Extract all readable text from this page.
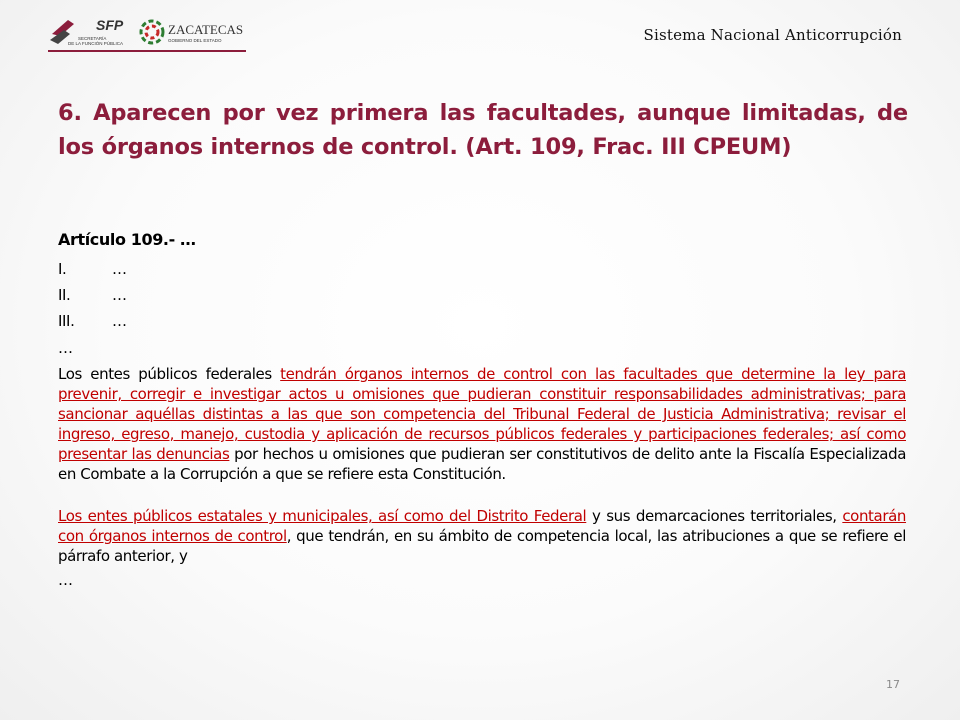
SFP
SECRETARÍA
DE LA FUNCIÓN PÚBLICA
ZACATECAS
GOBIERNO DEL ESTADO	Sistema Nacional Anticorrupción
6. Aparecen por vez primera las facultades, aunque limitadas, de los órganos internos de control. (Art. 109, Frac. III CPEUM)
Artículo 109.- …
I.	…
II.	…
III.	…
…

Los entes públicos federales tendrán órganos internos de control con las facultades que determine la ley para prevenir, corregir e investigar actos u omisiones que pudieran constituir responsabilidades administrativas; para sancionar aquéllas distintas a las que son competencia del Tribunal Federal de Justicia Administrativa; revisar el ingreso, egreso, manejo, custodia y aplicación de recursos públicos federales y participaciones federales; así como presentar las denuncias por hechos u omisiones que pudieran ser constitutivos de delito ante la Fiscalía Especializada en Combate a la Corrupción a que se refiere esta Constitución.

Los entes públicos estatales y municipales, así como del Distrito Federal y sus demarcaciones territoriales, contarán con órganos internos de control, que tendrán, en su ámbito de competencia local, las atribuciones a que se refiere el párrafo anterior, y

…
17
